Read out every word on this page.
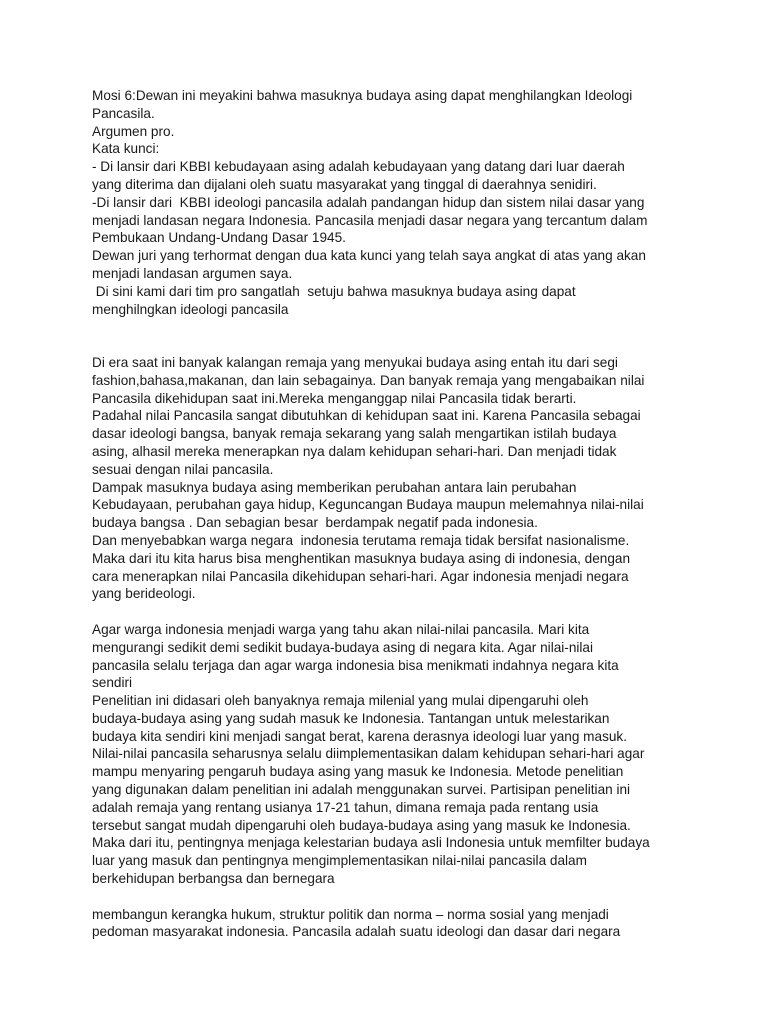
Mosi 6:Dewan ini meyakini bahwa masuknya budaya asing dapat menghilangkan Ideologi
Pancasila.
Argumen pro.
Kata kunci:
- Di lansir dari KBBI kebudayaan asing adalah kebudayaan yang datang dari luar daerah
yang diterima dan dijalani oleh suatu masyarakat yang tinggal di daerahnya senidiri.
-Di lansir dari  KBBI ideologi pancasila adalah pandangan hidup dan sistem nilai dasar yang
menjadi landasan negara Indonesia. Pancasila menjadi dasar negara yang tercantum dalam
Pembukaan Undang-Undang Dasar 1945.
Dewan juri yang terhormat dengan dua kata kunci yang telah saya angkat di atas yang akan
menjadi landasan argumen saya.
Di sini kami dari tim pro sangatlah  setuju bahwa masuknya budaya asing dapat
menghilngkan ideologi pancasila
Di era saat ini banyak kalangan remaja yang menyukai budaya asing entah itu dari segi
fashion,bahasa,makanan, dan lain sebagainya. Dan banyak remaja yang mengabaikan nilai
Pancasila dikehidupan saat ini.Mereka menganggap nilai Pancasila tidak berarti.
Padahal nilai Pancasila sangat dibutuhkan di kehidupan saat ini. Karena Pancasila sebagai
dasar ideologi bangsa, banyak remaja sekarang yang salah mengartikan istilah budaya
asing, alhasil mereka menerapkan nya dalam kehidupan sehari-hari. Dan menjadi tidak
sesuai dengan nilai pancasila.
Dampak masuknya budaya asing memberikan perubahan antara lain perubahan
Kebudayaan, perubahan gaya hidup, Keguncangan Budaya maupun melemahnya nilai-nilai
budaya bangsa . Dan sebagian besar  berdampak negatif pada indonesia.
Dan menyebabkan warga negara  indonesia terutama remaja tidak bersifat nasionalisme.
Maka dari itu kita harus bisa menghentikan masuknya budaya asing di indonesia, dengan
cara menerapkan nilai Pancasila dikehidupan sehari-hari. Agar indonesia menjadi negara
yang berideologi.
Agar warga indonesia menjadi warga yang tahu akan nilai-nilai pancasila. Mari kita
mengurangi sedikit demi sedikit budaya-budaya asing di negara kita. Agar nilai-nilai
pancasila selalu terjaga dan agar warga indonesia bisa menikmati indahnya negara kita
sendiri
Penelitian ini didasari oleh banyaknya remaja milenial yang mulai dipengaruhi oleh
budaya-budaya asing yang sudah masuk ke Indonesia. Tantangan untuk melestarikan
budaya kita sendiri kini menjadi sangat berat, karena derasnya ideologi luar yang masuk.
Nilai-nilai pancasila seharusnya selalu diimplementasikan dalam kehidupan sehari-hari agar
mampu menyaring pengaruh budaya asing yang masuk ke Indonesia. Metode penelitian
yang digunakan dalam penelitian ini adalah menggunakan survei. Partisipan penelitian ini
adalah remaja yang rentang usianya 17-21 tahun, dimana remaja pada rentang usia
tersebut sangat mudah dipengaruhi oleh budaya-budaya asing yang masuk ke Indonesia.
Maka dari itu, pentingnya menjaga kelestarian budaya asli Indonesia untuk memfilter budaya
luar yang masuk dan pentingnya mengimplementasikan nilai-nilai pancasila dalam
berkehidupan berbangsa dan bernegara
membangun kerangka hukum, struktur politik dan norma – norma sosial yang menjadi
pedoman masyarakat indonesia. Pancasila adalah suatu ideologi dan dasar dari negara
